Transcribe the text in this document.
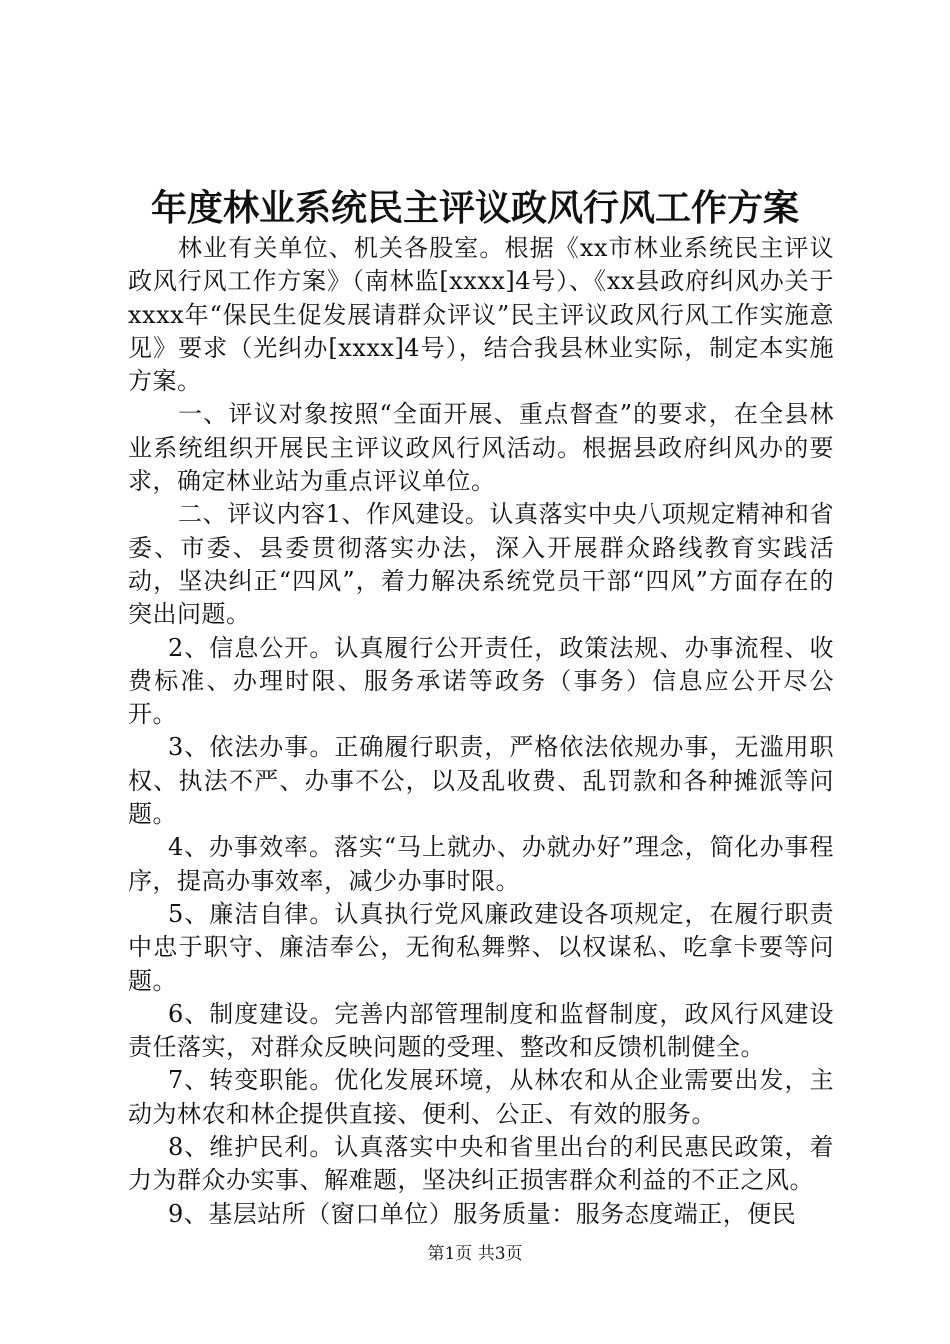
年度林业系统民主评议政风行风工作方案

林业有关单位、机关各股室。根据《xx市林业系统民主评议政风行风工作方案》（南林监[xxxx]4号）、《xx县政府纠风办关于xxxx年“保民生促发展请群众评议”民主评议政风行风工作实施意见》要求（光纠办[xxxx]4号），结合我县林业实际，制定本实施方案。

一、评议对象按照“全面开展、重点督查”的要求，在全县林业系统组织开展民主评议政风行风活动。根据县政府纠风办的要求，确定林业站为重点评议单位。

二、评议内容1、作风建设。认真落实中央八项规定精神和省委、市委、县委贯彻落实办法，深入开展群众路线教育实践活动，坚决纠正“四风”，着力解决系统党员干部“四风”方面存在的突出问题。

2、信息公开。认真履行公开责任，政策法规、办事流程、收费标准、办理时限、服务承诺等政务（事务）信息应公开尽公开。

3、依法办事。正确履行职责，严格依法依规办事，无滥用职权、执法不严、办事不公，以及乱收费、乱罚款和各种摊派等问题。

4、办事效率。落实“马上就办、办就办好”理念，简化办事程序，提高办事效率，减少办事时限。

5、廉洁自律。认真执行党风廉政建设各项规定，在履行职责中忠于职守、廉洁奉公，无徇私舞弊、以权谋私、吃拿卡要等问题。

6、制度建设。完善内部管理制度和监督制度，政风行风建设责任落实，对群众反映问题的受理、整改和反馈机制健全。

7、转变职能。优化发展环境，从林农和从企业需要出发，主动为林农和林企提供直接、便利、公正、有效的服务。

8、维护民利。认真落实中央和省里出台的利民惠民政策，着力为群众办实事、解难题，坚决纠正损害群众利益的不正之风。

9、基层站所（窗口单位）服务质量：服务态度端正，便民

第1页 共3页
